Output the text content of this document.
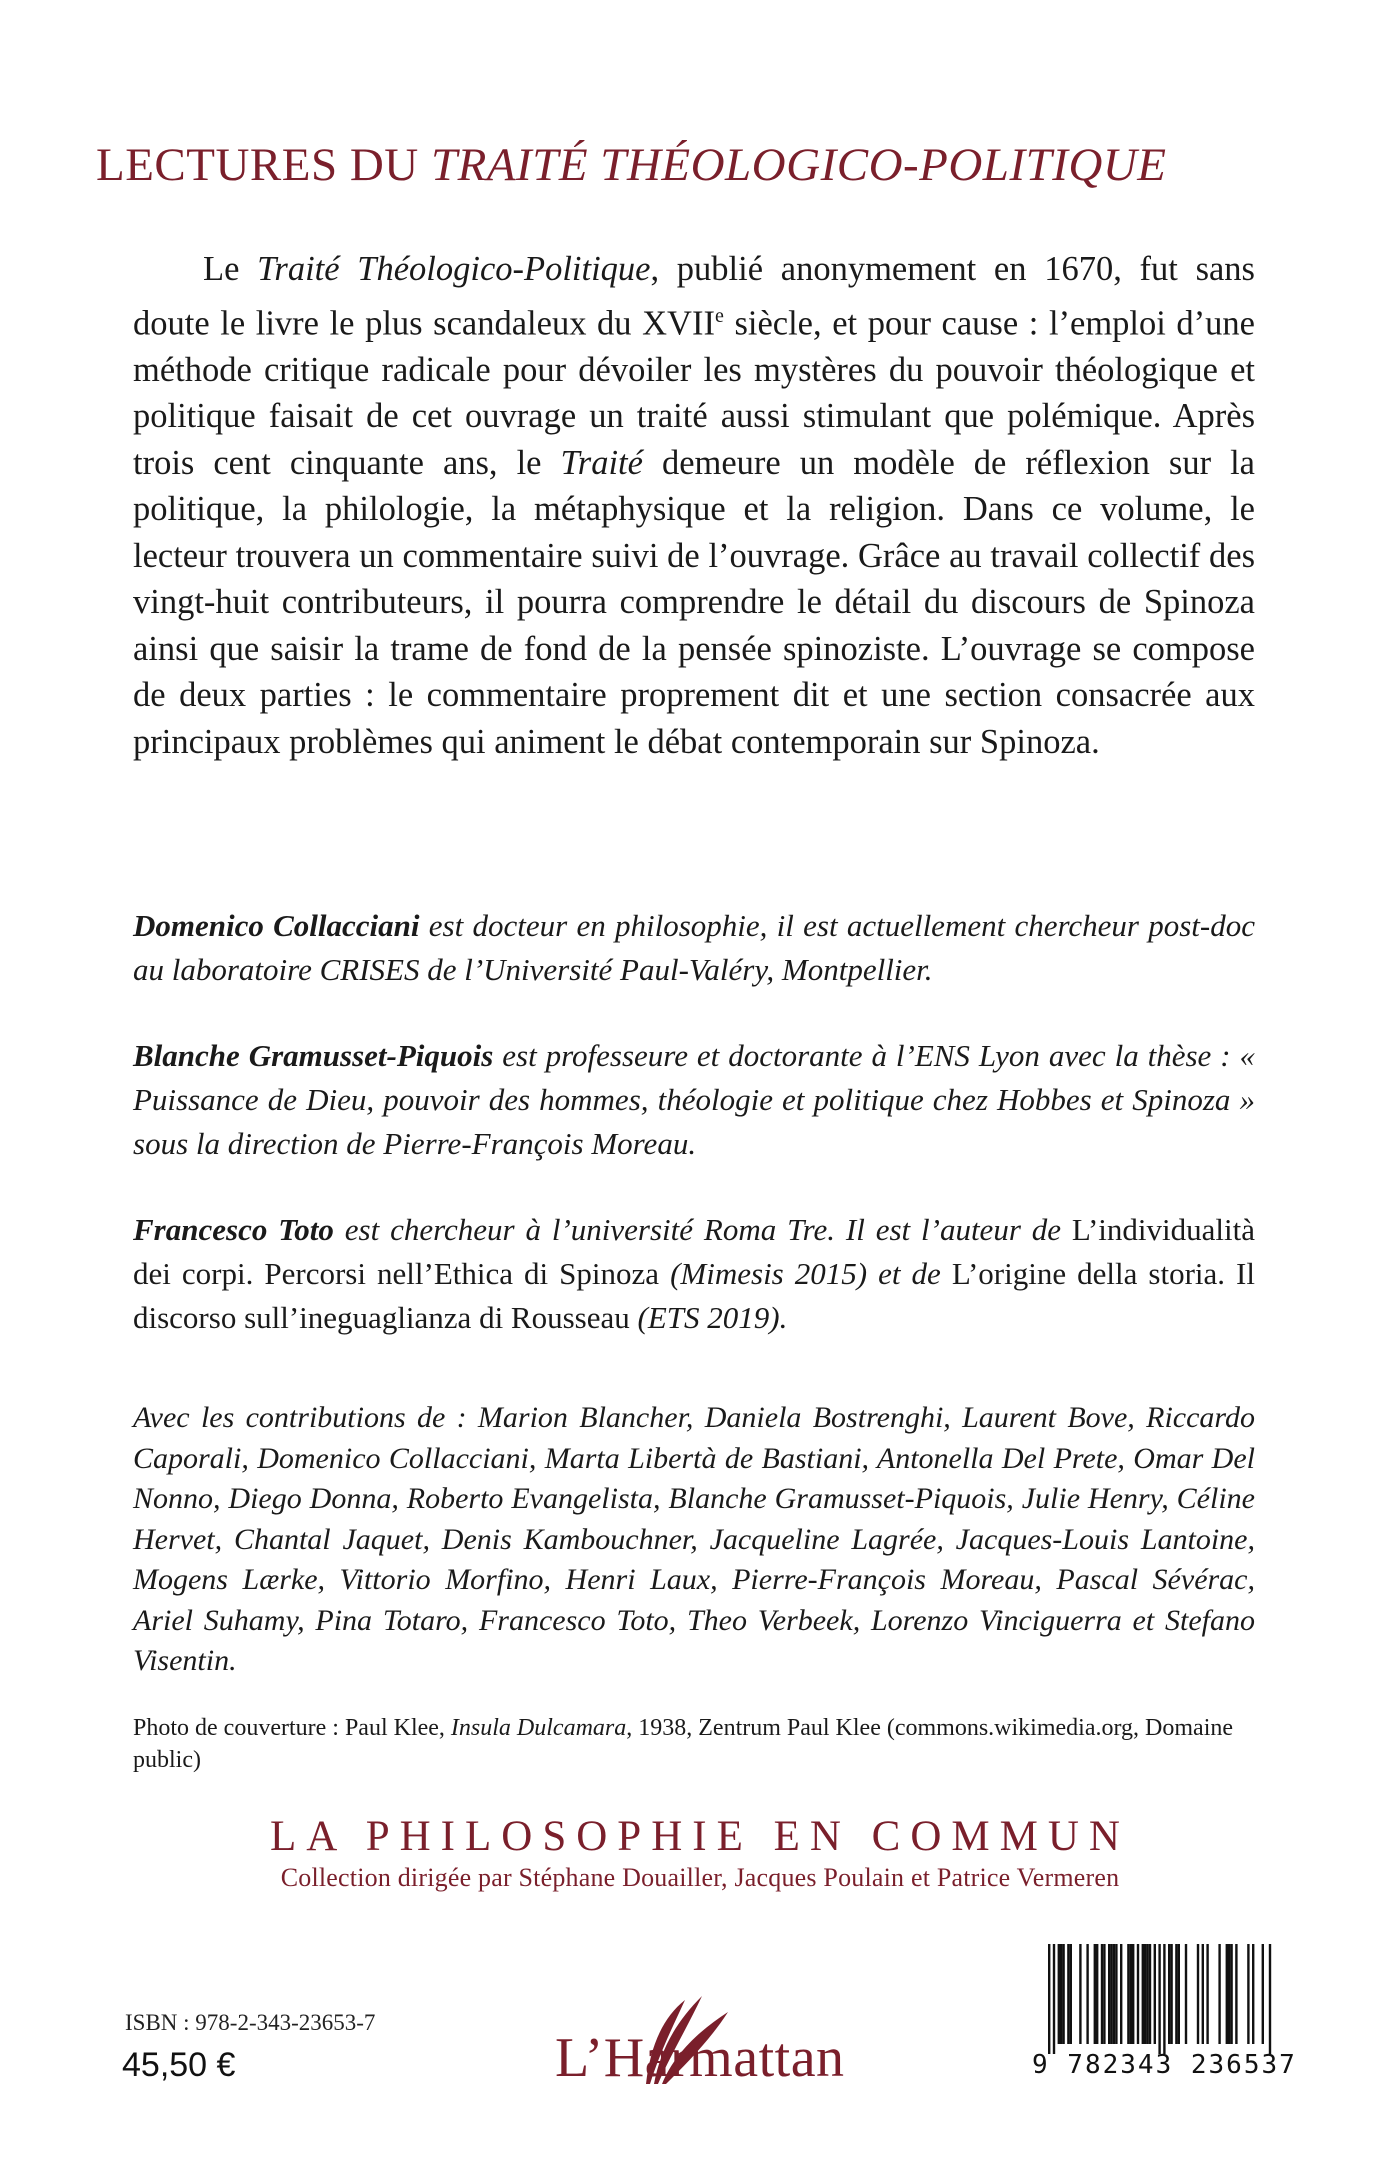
LECTURES DU TRAITÉ THÉOLOGICO-POLITIQUE

Le Traité Théologico-Politique, publié anonymement en 1670, fut sans doute le livre le plus scandaleux du XVIIe siècle, et pour cause : l’emploi d’une méthode critique radicale pour dévoiler les mystères du pouvoir théologique et politique faisait de cet ouvrage un traité aussi stimulant que polémique. Après trois cent cinquante ans, le Traité demeure un modèle de réflexion sur la politique, la philologie, la métaphysique et la religion. Dans ce volume, le lecteur trouvera un commentaire suivi de l’ouvrage. Grâce au travail collectif des vingt-huit contributeurs, il pourra comprendre le détail du discours de Spinoza ainsi que saisir la trame de fond de la pensée spinoziste. L’ouvrage se compose de deux parties : le commentaire proprement dit et une section consacrée aux principaux problèmes qui animent le débat contemporain sur Spinoza.

Domenico Collacciani est docteur en philosophie, il est actuellement chercheur post-doc au laboratoire CRISES de l’Université Paul-Valéry, Montpellier.

Blanche Gramusset-Piquois est professeure et doctorante à l’ENS Lyon avec la thèse : « Puissance de Dieu, pouvoir des hommes, théologie et politique chez Hobbes et Spinoza » sous la direction de Pierre-François Moreau.

Francesco Toto est chercheur à l’université Roma Tre. Il est l’auteur de L’individualità dei corpi. Percorsi nell’Ethica di Spinoza (Mimesis 2015) et de L’origine della storia. Il discorso sull’ineguaglianza di Rousseau (ETS 2019).

Avec les contributions de : Marion Blancher, Daniela Bostrenghi, Laurent Bove, Riccardo Caporali, Domenico Collacciani, Marta Libertà de Bastiani, Antonella Del Prete, Omar Del Nonno, Diego Donna, Roberto Evangelista, Blanche Gramusset-Piquois, Julie Henry, Céline Hervet, Chantal Jaquet, Denis Kambouchner, Jacqueline Lagrée, Jacques-Louis Lantoine, Mogens Lærke, Vittorio Morfino, Henri Laux, Pierre-François Moreau, Pascal Sévérac, Ariel Suhamy, Pina Totaro, Francesco Toto, Theo Verbeek, Lorenzo Vinciguerra et Stefano Visentin.
Photo de couverture : Paul Klee, Insula Dulcamara, 1938, Zentrum Paul Klee (commons.wikimedia.org, Domaine public)
LA PHILOSOPHIE EN COMMUN
Collection dirigée par Stéphane Douailler, Jacques Poulain et Patrice Vermeren
ISBN : 978-2-343-23653-7
45,50 €	L’Harmattan	9 782343 236537
